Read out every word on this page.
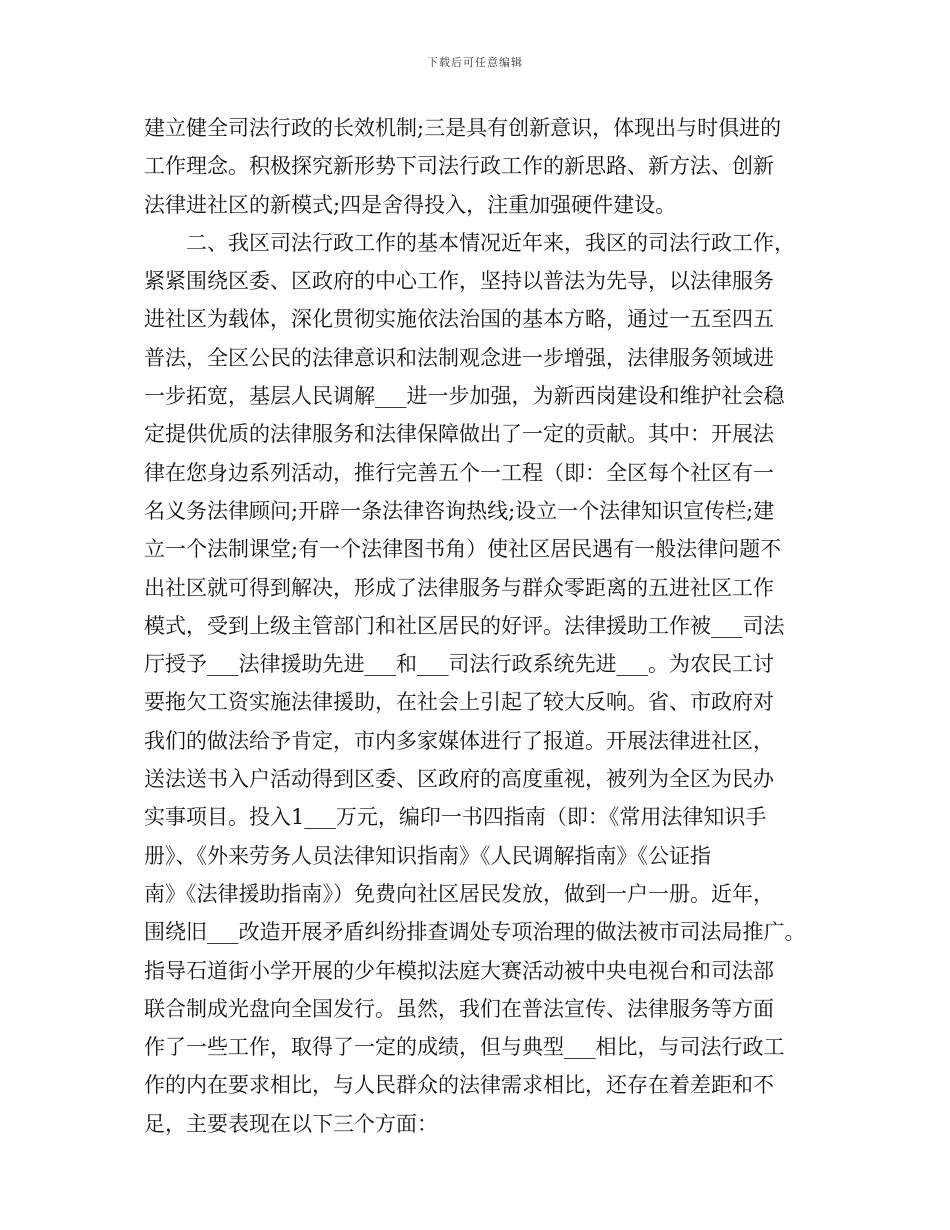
下载后可任意编辑
建立健全司法行政的长效机制;三是具有创新意识，体现出与时俱进的
工作理念。积极探究新形势下司法行政工作的新思路、新方法、创新
法律进社区的新模式;四是舍得投入，注重加强硬件建设。
二、我区司法行政工作的基本情况近年来，我区的司法行政工作，
紧紧围绕区委、区政府的中心工作，坚持以普法为先导，以法律服务
进社区为载体，深化贯彻实施依法治国的基本方略，通过一五至四五
普法，全区公民的法律意识和法制观念进一步增强，法律服务领域进
一步拓宽，基层人民调解___进一步加强，为新西岗建设和维护社会稳
定提供优质的法律服务和法律保障做出了一定的贡献。其中：开展法
律在您身边系列活动，推行完善五个一工程（即：全区每个社区有一
名义务法律顾问;开辟一条法律咨询热线;设立一个法律知识宣传栏;建
立一个法制课堂;有一个法律图书角）使社区居民遇有一般法律问题不
出社区就可得到解决，形成了法律服务与群众零距离的五进社区工作
模式，受到上级主管部门和社区居民的好评。法律援助工作被___司法
厅授予___法律援助先进___和___司法行政系统先进___。为农民工讨
要拖欠工资实施法律援助，在社会上引起了较大反响。省、市政府对
我们的做法给予肯定，市内多家媒体进行了报道。开展法律进社区，
送法送书入户活动得到区委、区政府的高度重视，被列为全区为民办
实事项目。投入1___万元，编印一书四指南（即：《常用法律知识手
册》、《外来劳务人员法律知识指南》《人民调解指南》《公证指
南》《法律援助指南》）免费向社区居民发放，做到一户一册。近年，
围绕旧___改造开展矛盾纠纷排查调处专项治理的做法被市司法局推广。
指导石道街小学开展的少年模拟法庭大赛活动被中央电视台和司法部
联合制成光盘向全国发行。虽然，我们在普法宣传、法律服务等方面
作了一些工作，取得了一定的成绩，但与典型___相比，与司法行政工
作的内在要求相比，与人民群众的法律需求相比，还存在着差距和不
足，主要表现在以下三个方面：
